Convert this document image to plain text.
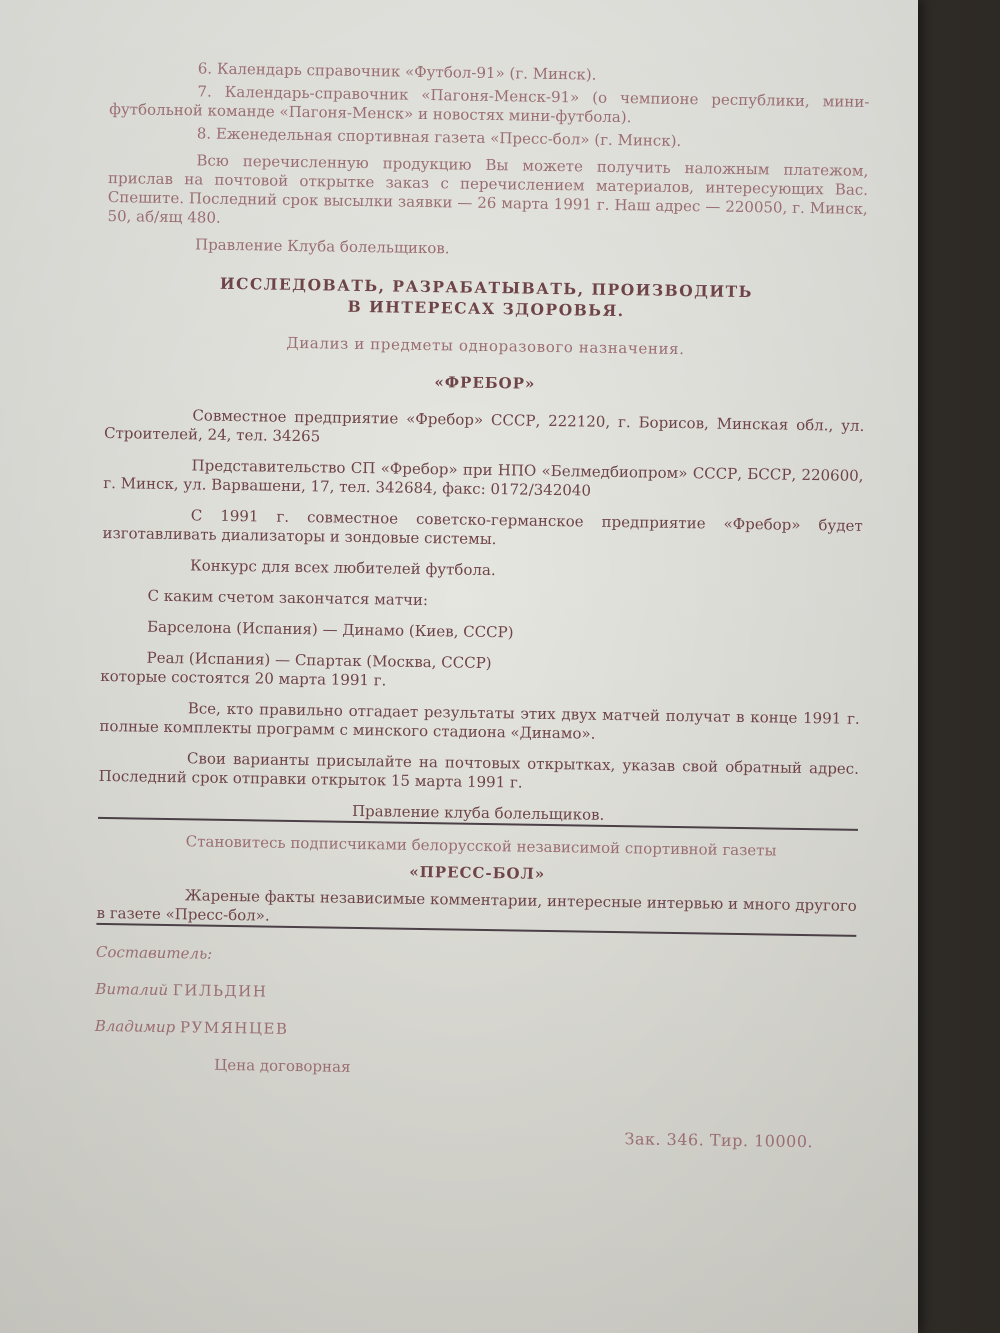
6. Календарь справочник «Футбол-91» (г. Минск).

7. Календарь-справочник «Пагоня-Менск-91» (о чемпионе республики, мини-футбольной команде «Пагоня-Менск» и новостях мини-футбола).

8. Еженедельная спортивная газета «Пресс-бол» (г. Минск).

Всю перечисленную продукцию Вы можете получить наложным платежом, прислав на почтовой открытке заказ с перечислением материалов, интересующих Вас. Спешите. Последний срок высылки заявки — 26 марта 1991 г. Наш адрес — 220050, г. Минск, 50, аб/ящ 480.

Правление Клуба болельщиков.

ИССЛЕДОВАТЬ, РАЗРАБАТЫВАТЬ, ПРОИЗВОДИТЬ

В ИНТЕРЕСАХ ЗДОРОВЬЯ.

Диализ и предметы одноразового назначения.

«ФРЕБОР»

Совместное предприятие «Фребор» СССР, 222120, г. Борисов, Минская обл., ул. Строителей, 24, тел. 34265

Представительство СП «Фребор» при НПО «Белмедбиопром» СССР, БССР, 220600, г. Минск, ул. Варвашени, 17, тел. 342684, факс: 0172/342040

С 1991 г. совместное советско-германское предприятие «Фребор» будет изготавливать диализаторы и зондовые системы.

Конкурс для всех любителей футбола.

С каким счетом закончатся матчи:

Барселона (Испания) — Динамо (Киев, СССР)

Реал (Испания) — Спартак (Москва, СССР)

которые состоятся 20 марта 1991 г.

Все, кто правильно отгадает результаты этих двух матчей получат в конце 1991 г. полные комплекты программ с минского стадиона «Динамо».

Свои варианты присылайте на почтовых открытках, указав свой обратный адрес. Последний срок отправки открыток 15 марта 1991 г.

Правление клуба болельщиков.

Становитесь подписчиками белорусской независимой спортивной газеты

«ПРЕСС-БОЛ»

Жареные факты независимые комментарии, интересные интервью и много другого в газете «Пресс-бол».

Составитель:

Виталий ГИЛЬДИН

Владимир РУМЯНЦЕВ

Цена договорная

Зак. 346. Тир. 10000.
